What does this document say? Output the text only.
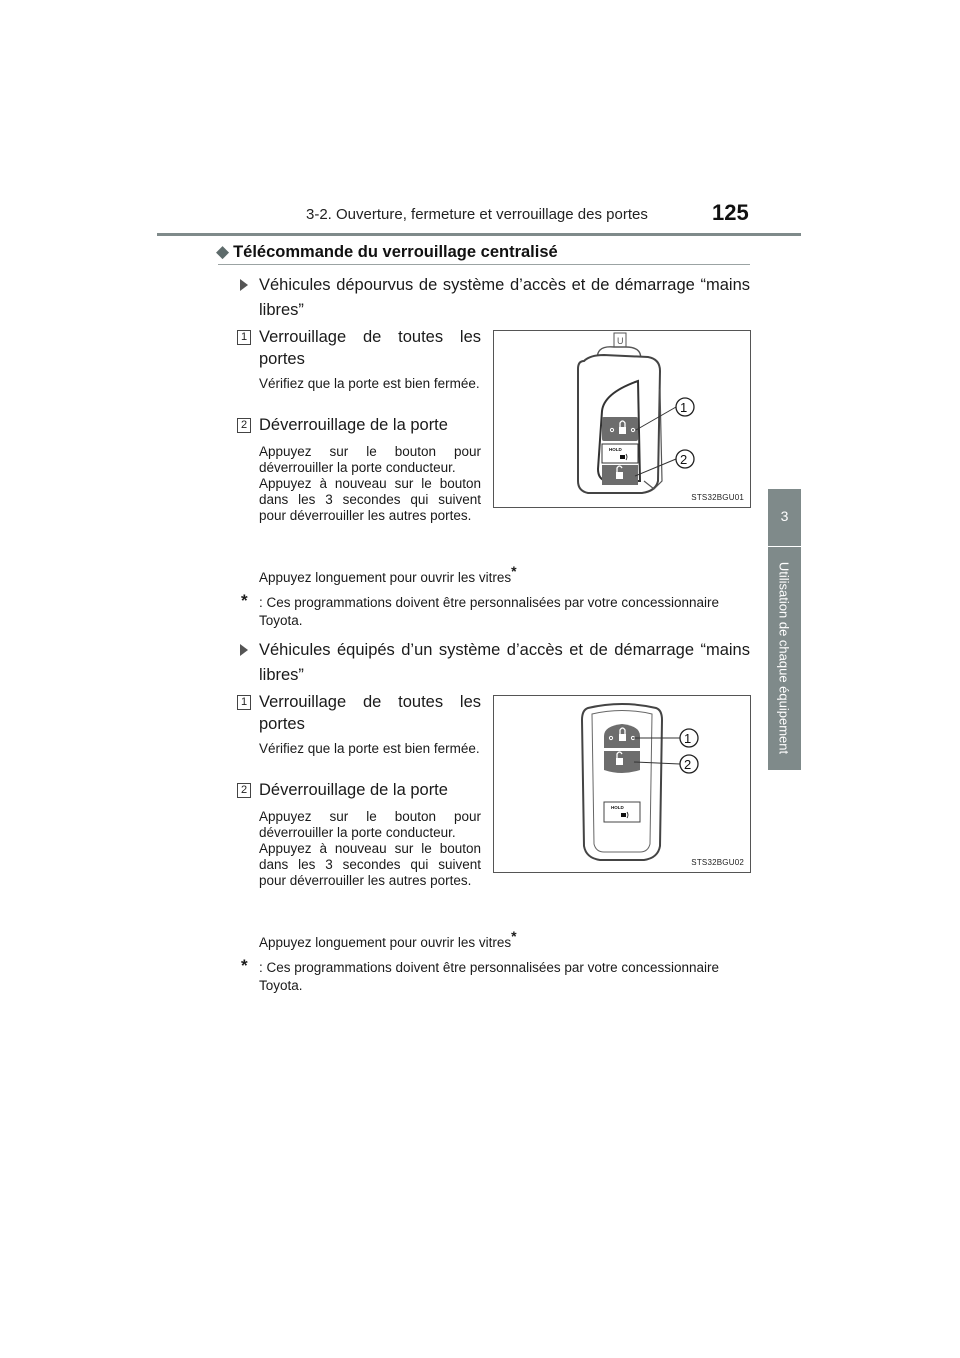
3-2. Ouverture, fermeture et verrouillage des portes	125
3
Utilisation de chaque équipement
◆ Télécommande du verrouillage centralisé
Véhicules dépourvus de système d’accès et de démarrage “mains libres”
1 Verrouillage de toutes les portes
Vérifiez que la porte est bien fermée.
2 Déverrouillage de la porte
Appuyez sur le bouton pour déverrouiller la porte conducteur.
Appuyez à nouveau sur le bouton dans les 3 secondes qui suivent pour déverrouiller les autres portes.
Appuyez longuement pour ouvrir les vitres*
* : Ces programmations doivent être personnalisées par votre concessionnaire Toyota.
U
HOLD
1
2
STS32BGU01
Véhicules équipés d’un système d’accès et de démarrage “mains libres”
1 Verrouillage de toutes les portes
Vérifiez que la porte est bien fermée.
2 Déverrouillage de la porte
Appuyez sur le bouton pour déverrouiller la porte conducteur.
Appuyez à nouveau sur le bouton dans les 3 secondes qui suivent pour déverrouiller les autres portes.
Appuyez longuement pour ouvrir les vitres*
* : Ces programmations doivent être personnalisées par votre concessionnaire Toyota.
HOLD
1
2
STS32BGU02
